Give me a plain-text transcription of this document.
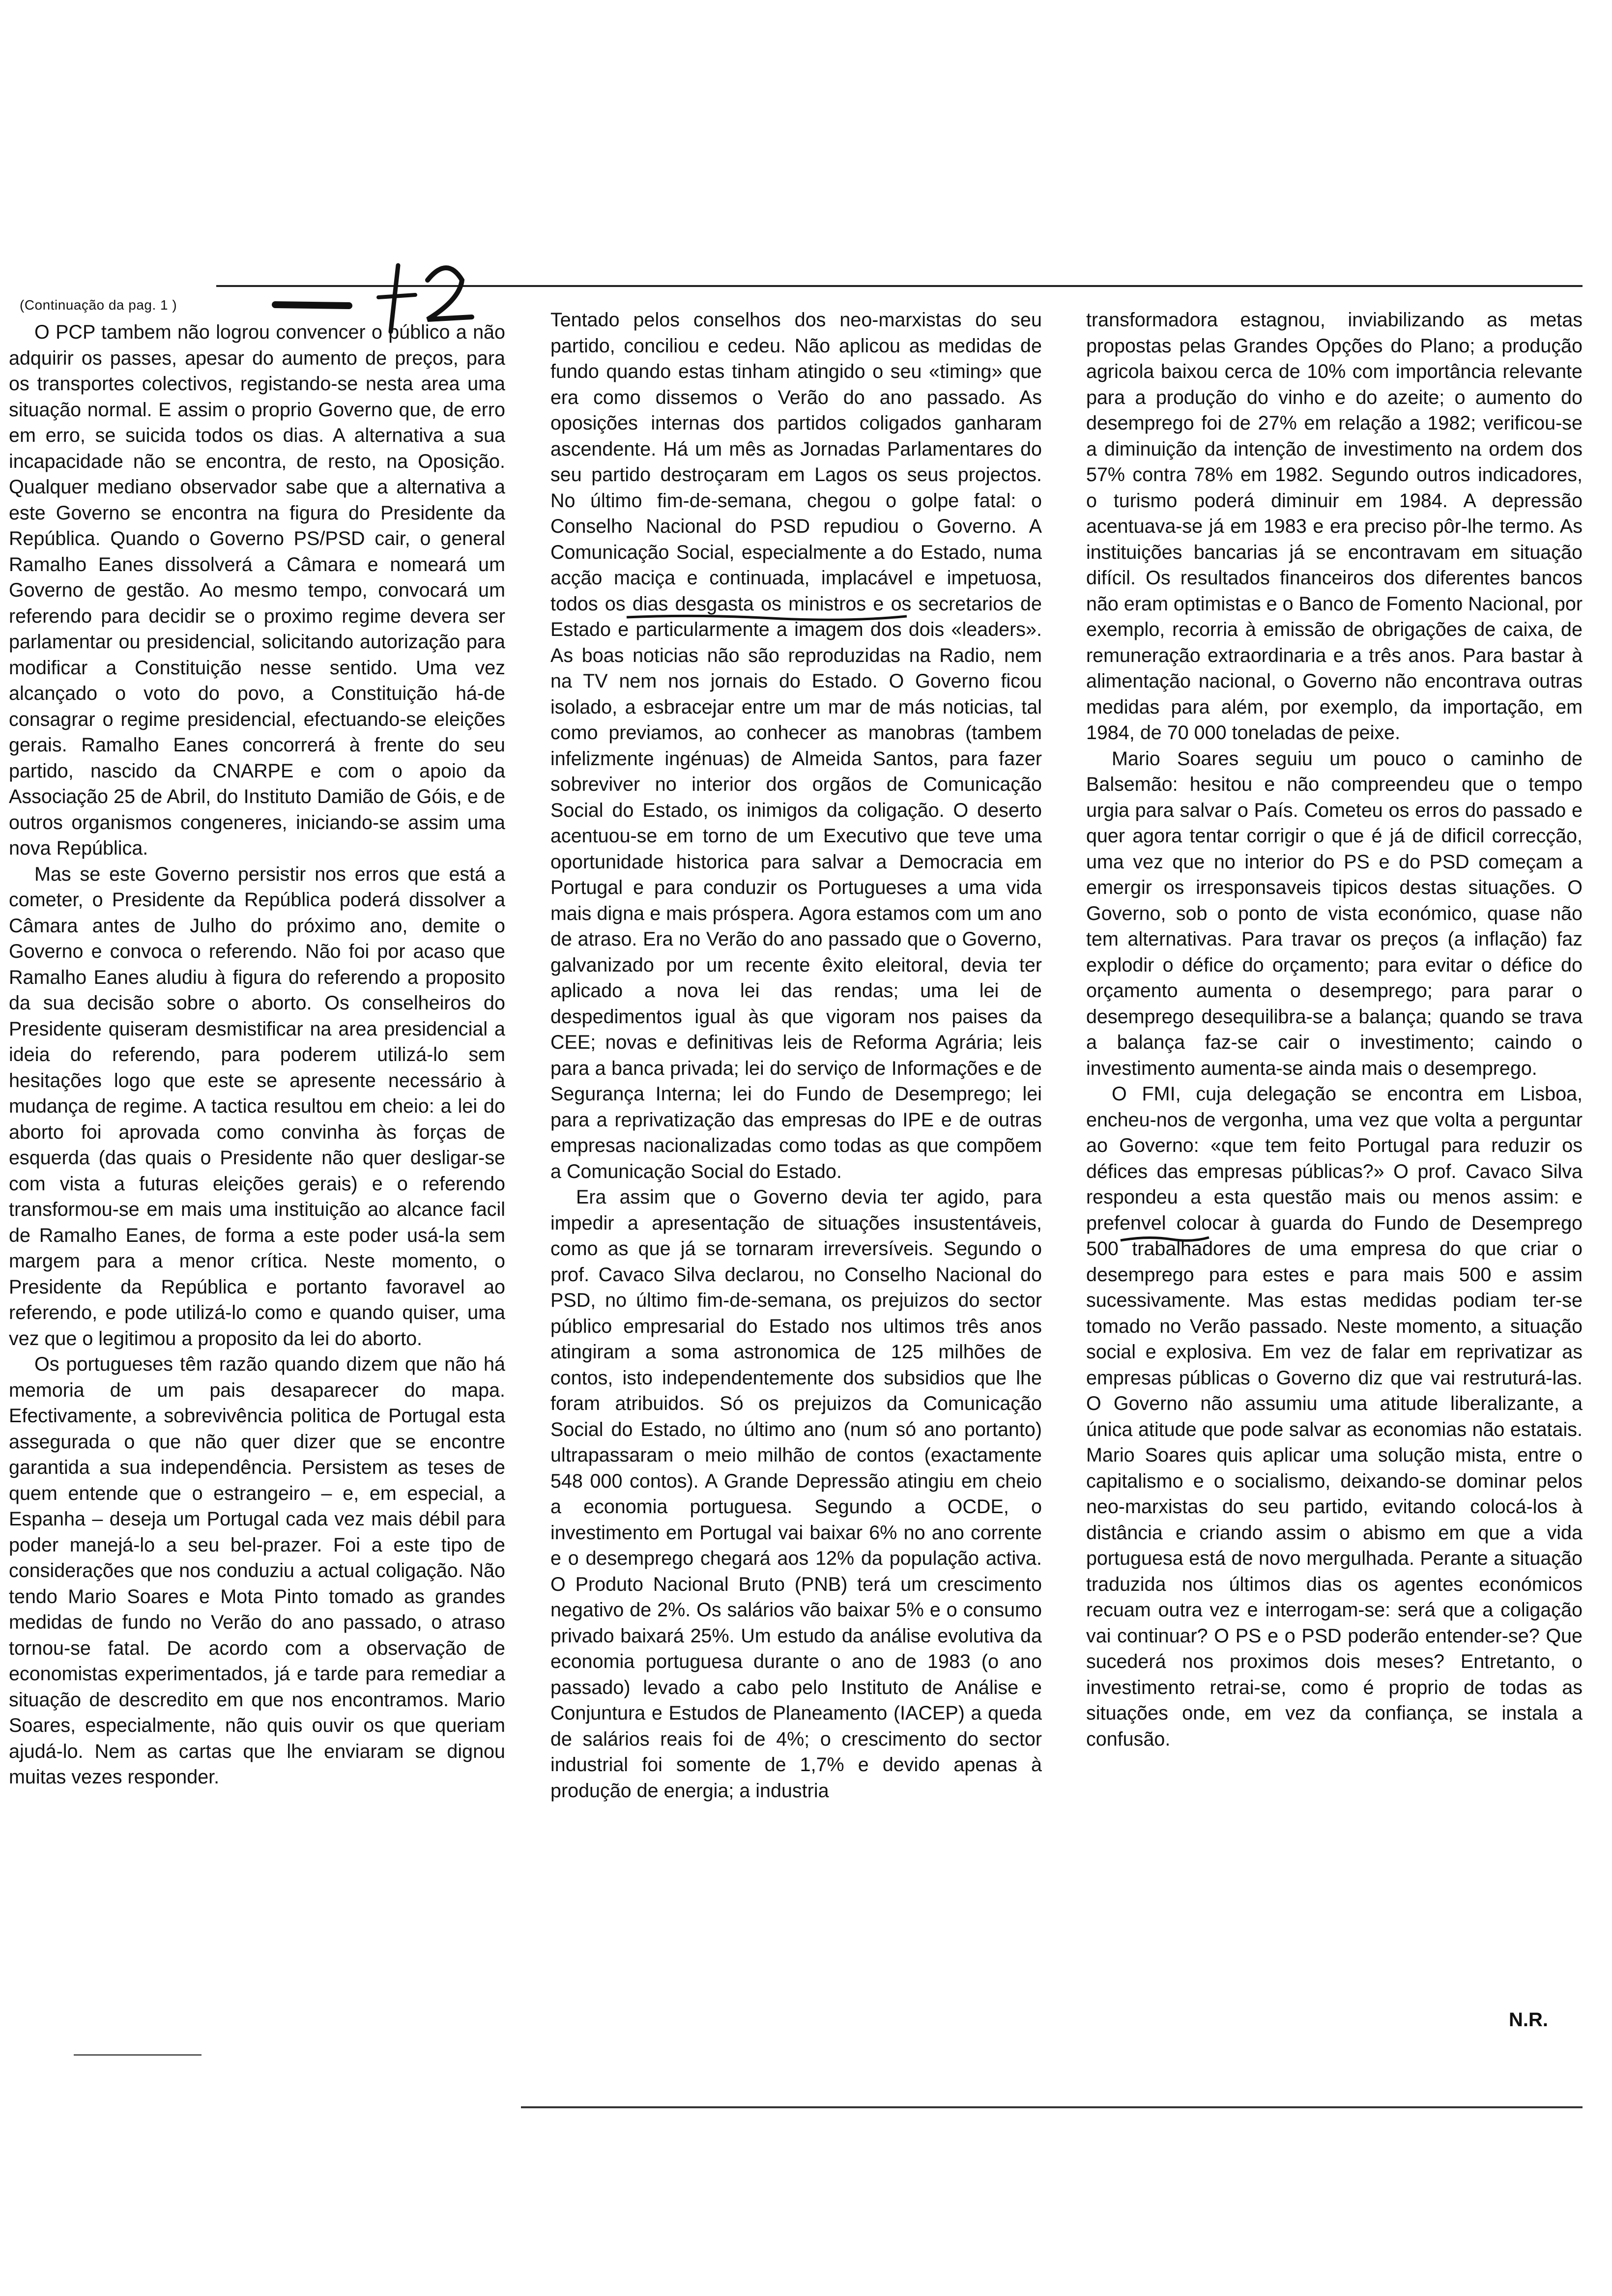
(Continuação da pag. 1 )

O PCP tambem não logrou convencer o público a não adquirir os passes, apesar do aumento de preços, para os transportes colectivos, registando-se nesta area uma situação normal. E assim o proprio Governo que, de erro em erro, se suicida todos os dias. A alternativa a sua incapacidade não se encontra, de resto, na Oposição. Qualquer mediano observador sabe que a alternativa a este Governo se encontra na figura do Presidente da República. Quando o Governo PS/PSD cair, o general Ramalho Eanes dissolverá a Câmara e nomeará um Governo de gestão. Ao mesmo tempo, convocará um referendo para decidir se o proximo regime devera ser parlamentar ou presidencial, solicitando autorização para modificar a Constituição nesse sentido. Uma vez alcançado o voto do povo, a Constituição há-de consagrar o regime presidencial, efectuando-se eleições gerais. Ramalho Eanes concorrerá à frente do seu partido, nascido da CNARPE e com o apoio da Associação 25 de Abril, do Instituto Damião de Góis, e de outros organismos congeneres, iniciando-se assim uma nova República.

Mas se este Governo persistir nos erros que está a cometer, o Presidente da República poderá dissolver a Câmara antes de Julho do próximo ano, demite o Governo e convoca o referendo. Não foi por acaso que Ramalho Eanes aludiu à figura do referendo a proposito da sua decisão sobre o aborto. Os conselheiros do Presidente quiseram desmistificar na area presidencial a ideia do referendo, para poderem utilizá-lo sem hesitações logo que este se apresente necessário à mudança de regime. A tactica resultou em cheio: a lei do aborto foi aprovada como convinha às forças de esquerda (das quais o Presidente não quer desligar-se com vista a futuras eleições gerais) e o referendo transformou-se em mais uma instituição ao alcance facil de Ramalho Eanes, de forma a este poder usá-la sem margem para a menor crítica. Neste momento, o Presidente da República e portanto favoravel ao referendo, e pode utilizá-lo como e quando quiser, uma vez que o legitimou a proposito da lei do aborto.

Os portugueses têm razão quando dizem que não há memoria de um pais desaparecer do mapa. Efectivamente, a sobrevivência politica de Portugal esta assegurada o que não quer dizer que se encontre garantida a sua independência. Persistem as teses de quem entende que o estrangeiro – e, em especial, a Espanha – deseja um Portugal cada vez mais débil para poder manejá-lo a seu bel-prazer. Foi a este tipo de considerações que nos conduziu a actual coligação. Não tendo Mario Soares e Mota Pinto tomado as grandes medidas de fundo no Verão do ano passado, o atraso tornou-se fatal. De acordo com a observação de economistas experimentados, já e tarde para remediar a situação de descredito em que nos encontramos. Mario Soares, especialmente, não quis ouvir os que queriam ajudá-lo. Nem as cartas que lhe enviaram se dignou muitas vezes responder.

Tentado pelos conselhos dos neo-marxistas do seu partido, conciliou e cedeu. Não aplicou as medidas de fundo quando estas tinham atingido o seu «timing» que era como dissemos o Verão do ano passado. As oposições internas dos partidos coligados ganharam ascendente. Há um mês as Jornadas Parlamentares do seu partido destroçaram em Lagos os seus projectos. No último fim-de-semana, chegou o golpe fatal: o Conselho Nacional do PSD repudiou o Governo. A Comunicação Social, especialmente a do Estado, numa acção maciça e continuada, implacável e impetuosa, todos os dias desgasta os ministros e os secretarios de Estado e particularmente a imagem dos dois «leaders». As boas noticias não são reproduzidas na Radio, nem na TV nem nos jornais do Estado. O Governo ficou isolado, a esbracejar entre um mar de más noticias, tal como previamos, ao conhecer as manobras (tambem infelizmente ingénuas) de Almeida Santos, para fazer sobreviver no interior dos orgãos de Comunicação Social do Estado, os inimigos da coligação. O deserto acentuou-se em torno de um Executivo que teve uma oportunidade historica para salvar a Democracia em Portugal e para conduzir os Portugueses a uma vida mais digna e mais próspera. Agora estamos com um ano de atraso. Era no Verão do ano passado que o Governo, galvanizado por um recente êxito eleitoral, devia ter aplicado a nova lei das rendas; uma lei de despedimentos igual às que vigoram nos paises da CEE; novas e definitivas leis de Reforma Agrária; leis para a banca privada; lei do serviço de Informações e de Segurança Interna; lei do Fundo de Desemprego; lei para a reprivatização das empresas do IPE e de outras empresas nacionalizadas como todas as que compõem a Comunicação Social do Estado.

Era assim que o Governo devia ter agido, para impedir a apresentação de situações insustentáveis, como as que já se tornaram irreversíveis. Segundo o prof. Cavaco Silva declarou, no Conselho Nacional do PSD, no último fim-de-semana, os prejuizos do sector público empresarial do Estado nos ultimos três anos atingiram a soma astronomica de 125 milhões de contos, isto independentemente dos subsidios que lhe foram atribuidos. Só os prejuizos da Comunicação Social do Estado, no último ano (num só ano portanto) ultrapassaram o meio milhão de contos (exactamente 548 000 contos). A Grande Depressão atingiu em cheio a economia portuguesa. Segundo a OCDE, o investimento em Portugal vai baixar 6% no ano corrente e o desemprego chegará aos 12% da população activa. O Produto Nacional Bruto (PNB) terá um crescimento negativo de 2%. Os salários vão baixar 5% e o consumo privado baixará 25%. Um estudo da análise evolutiva da economia portuguesa durante o ano de 1983 (o ano passado) levado a cabo pelo Instituto de Análise e Conjuntura e Estudos de Planeamento (IACEP) a queda de salários reais foi de 4%; o crescimento do sector industrial foi somente de 1,7% e devido apenas à produção de energia; a industria

transformadora estagnou, inviabilizando as metas propostas pelas Grandes Opções do Plano; a produção agricola baixou cerca de 10% com importância relevante para a produção do vinho e do azeite; o aumento do desemprego foi de 27% em relação a 1982; verificou-se a diminuição da intenção de investimento na ordem dos 57% contra 78% em 1982. Segundo outros indicadores, o turismo poderá diminuir em 1984. A depressão acentuava-se já em 1983 e era preciso pôr-lhe termo. As instituições bancarias já se encontravam em situação difícil. Os resultados financeiros dos diferentes bancos não eram optimistas e o Banco de Fomento Nacional, por exemplo, recorria à emissão de obrigações de caixa, de remuneração extraordinaria e a três anos. Para bastar à alimentação nacional, o Governo não encontrava outras medidas para além, por exemplo, da importação, em 1984, de 70 000 toneladas de peixe.

Mario Soares seguiu um pouco o caminho de Balsemão: hesitou e não compreendeu que o tempo urgia para salvar o País. Cometeu os erros do passado e quer agora tentar corrigir o que é já de dificil correcção, uma vez que no interior do PS e do PSD começam a emergir os irresponsaveis tipicos destas situações. O Governo, sob o ponto de vista económico, quase não tem alternativas. Para travar os preços (a inflação) faz explodir o défice do orçamento; para evitar o défice do orçamento aumenta o desemprego; para parar o desemprego desequilibra-se a balança; quando se trava a balança faz-se cair o investimento; caindo o investimento aumenta-se ainda mais o desemprego.

O FMI, cuja delegação se encontra em Lisboa, encheu-nos de vergonha, uma vez que volta a perguntar ao Governo: «que tem feito Portugal para reduzir os défices das empresas públicas?» O prof. Cavaco Silva respondeu a esta questão mais ou menos assim: e prefenvel colocar à guarda do Fundo de Desemprego 500 trabalhadores de uma empresa do que criar o desemprego para estes e para mais 500 e assim sucessivamente. Mas estas medidas podiam ter-se tomado no Verão passado. Neste momento, a situação social e explosiva. Em vez de falar em reprivatizar as empresas públicas o Governo diz que vai restruturá-las. O Governo não assumiu uma atitude liberalizante, a única atitude que pode salvar as economias não estatais. Mario Soares quis aplicar uma solução mista, entre o capitalismo e o socialismo, deixando-se dominar pelos neo-marxistas do seu partido, evitando colocá-los à distância e criando assim o abismo em que a vida portuguesa está de novo mergulhada. Perante a situação traduzida nos últimos dias os agentes económicos recuam outra vez e interrogam-se: será que a coligação vai continuar? O PS e o PSD poderão entender-se? Que sucederá nos proximos dois meses? Entretanto, o investimento retrai-se, como é proprio de todas as situações onde, em vez da confiança, se instala a confusão.

N.R.
